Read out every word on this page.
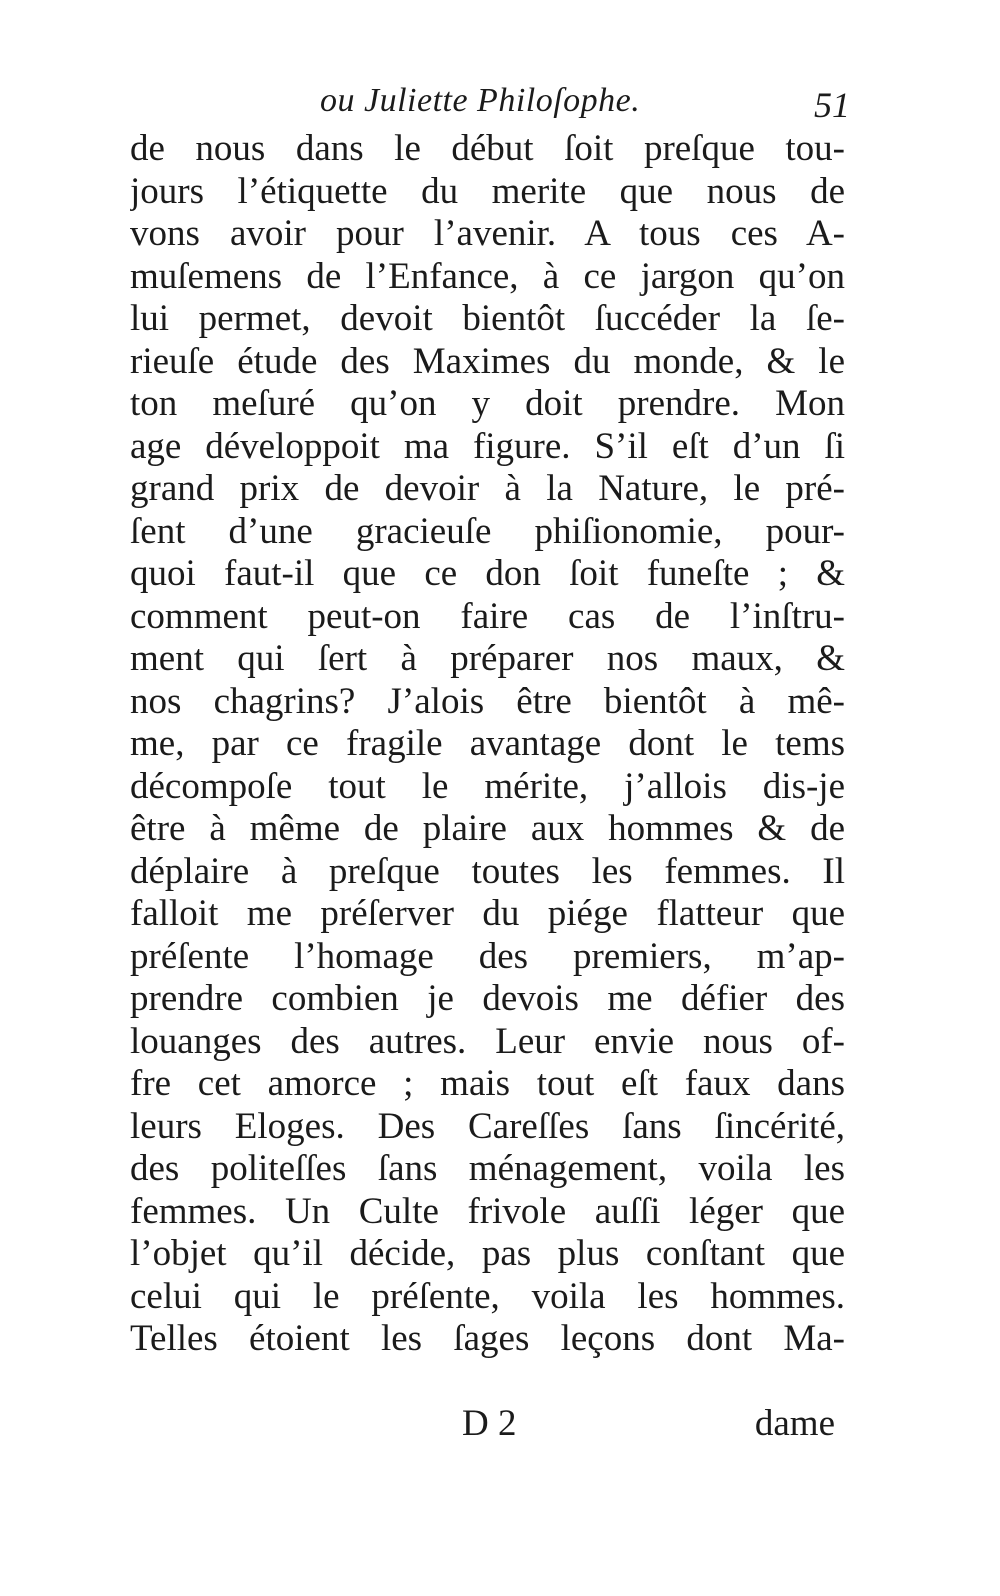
ou Juliette Philoſophe.	51
de nous dans le début ſoit preſque tou-
jours l’étiquette du merite que nous de
vons avoir pour l’avenir. A tous ces A-
muſemens de l’Enfance, à ce jargon qu’on
lui permet, devoit bientôt ſuccéder la ſe-
rieuſe étude des Maximes du monde, & le
ton meſuré qu’on y doit prendre. Mon
age développoit ma figure. S’il eſt d’un ſi
grand prix de devoir à la Nature, le pré-
ſent d’une gracieuſe phiſionomie, pour-
quoi faut-il que ce don ſoit funeſte ; &
comment peut-on faire cas de l’inſtru-
ment qui ſert à préparer nos maux, &
nos chagrins? J’alois être bientôt à mê-
me, par ce fragile avantage dont le tems
décompoſe tout le mérite, j’allois dis-je
être à même de plaire aux hommes & de
déplaire à preſque toutes les femmes. Il
falloit me préſerver du piége flatteur que
préſente l’homage des premiers, m’ap-
prendre combien je devois me défier des
louanges des autres. Leur envie nous of-
fre cet amorce ; mais tout eſt faux dans
leurs Eloges. Des Careſſes ſans ſincérité,
des politeſſes ſans ménagement, voila les
femmes. Un Culte frivole auſſi léger que
l’objet qu’il décide, pas plus conſtant que
celui qui le préſente, voila les hommes.
Telles étoient les ſages leçons dont Ma-
D 2	dame
